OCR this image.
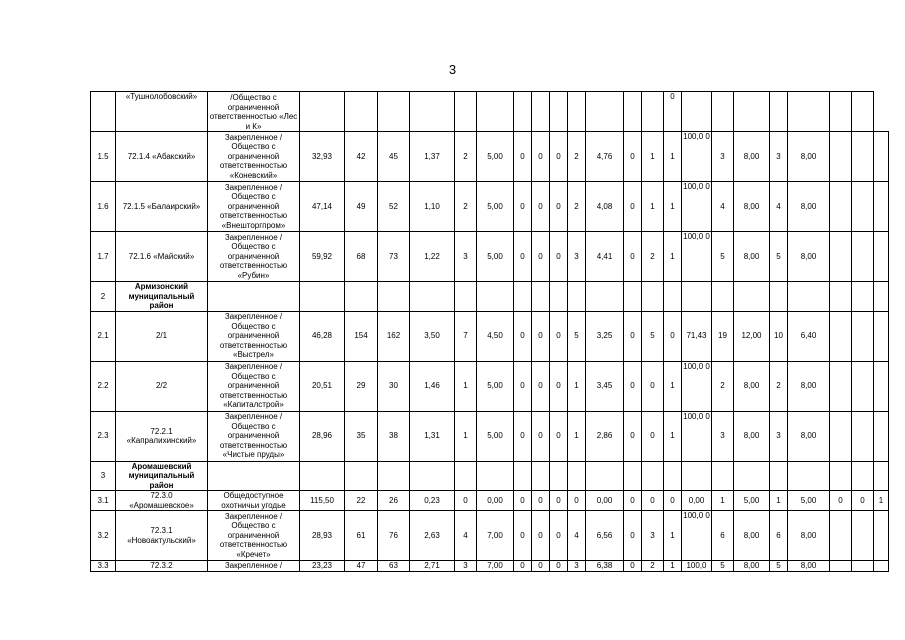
3
	«Тушнолобовский»	/Общество с ограниченной ответственностью «Лес и К»														0								
1.5	72.1.4 «Абакский»	Закрепленное / Общество с ограниченной ответственностью «Коневский»	32,93	42	45	1,37	2	5,00	0	0	0	2	4,76	0	1	1	100,0 0	3	8,00	3	8,00			
1.6	72.1.5 «Балаирский»	Закрепленное / Общество с ограниченной ответственностью «Внешторгпром»	47,14	49	52	1,10	2	5,00	0	0	0	2	4,08	0	1	1	100,0 0	4	8,00	4	8,00			
1.7	72.1.6 «Майский»	Закрепленное / Общество с ограниченной ответственностью «Рубин»	59,92	68	73	1,22	3	5,00	0	0	0	3	4,41	0	2	1	100,0 0	5	8,00	5	8,00			
2	Армизонский муниципальный район																							
2.1	2/1	Закрепленное / Общество с ограниченной ответственностью «Выстрел»	46,28	154	162	3,50	7	4,50	0	0	0	5	3,25	0	5	0	71,43	19	12,00	10	6,40			
2.2	2/2	Закрепленное / Общество с ограниченной ответственностью «Капиталстрой»	20,51	29	30	1,46	1	5,00	0	0	0	1	3,45	0	0	1	100,0 0	2	8,00	2	8,00			
2.3	72.2.1 «Капралихинский»	Закрепленное / Общество с ограниченной ответственностью «Чистые пруды»	28,96	35	38	1,31	1	5,00	0	0	0	1	2,86	0	0	1	100,0 0	3	8,00	3	8,00			
3	Аромашевский муниципальный район																							
3.1	72.3.0 «Аромашевское»	Общедоступное охотничьи угодье	115,50	22	26	0,23	0	0,00	0	0	0	0	0,00	0	0	0	0,00	1	5,00	1	5,00	0	0	1
3.2	72.3.1 «Новоактульский»	Закрепленное / Общество с ограниченной ответственностью «Кречет»	28,93	61	76	2,63	4	7,00	0	0	0	4	6,56	0	3	1	100,0 0	6	8,00	6	8,00			
3.3	72.3.2	Закрепленное /	23,23	47	63	2,71	3	7,00	0	0	0	3	6,38	0	2	1	100,0	5	8,00	5	8,00			
